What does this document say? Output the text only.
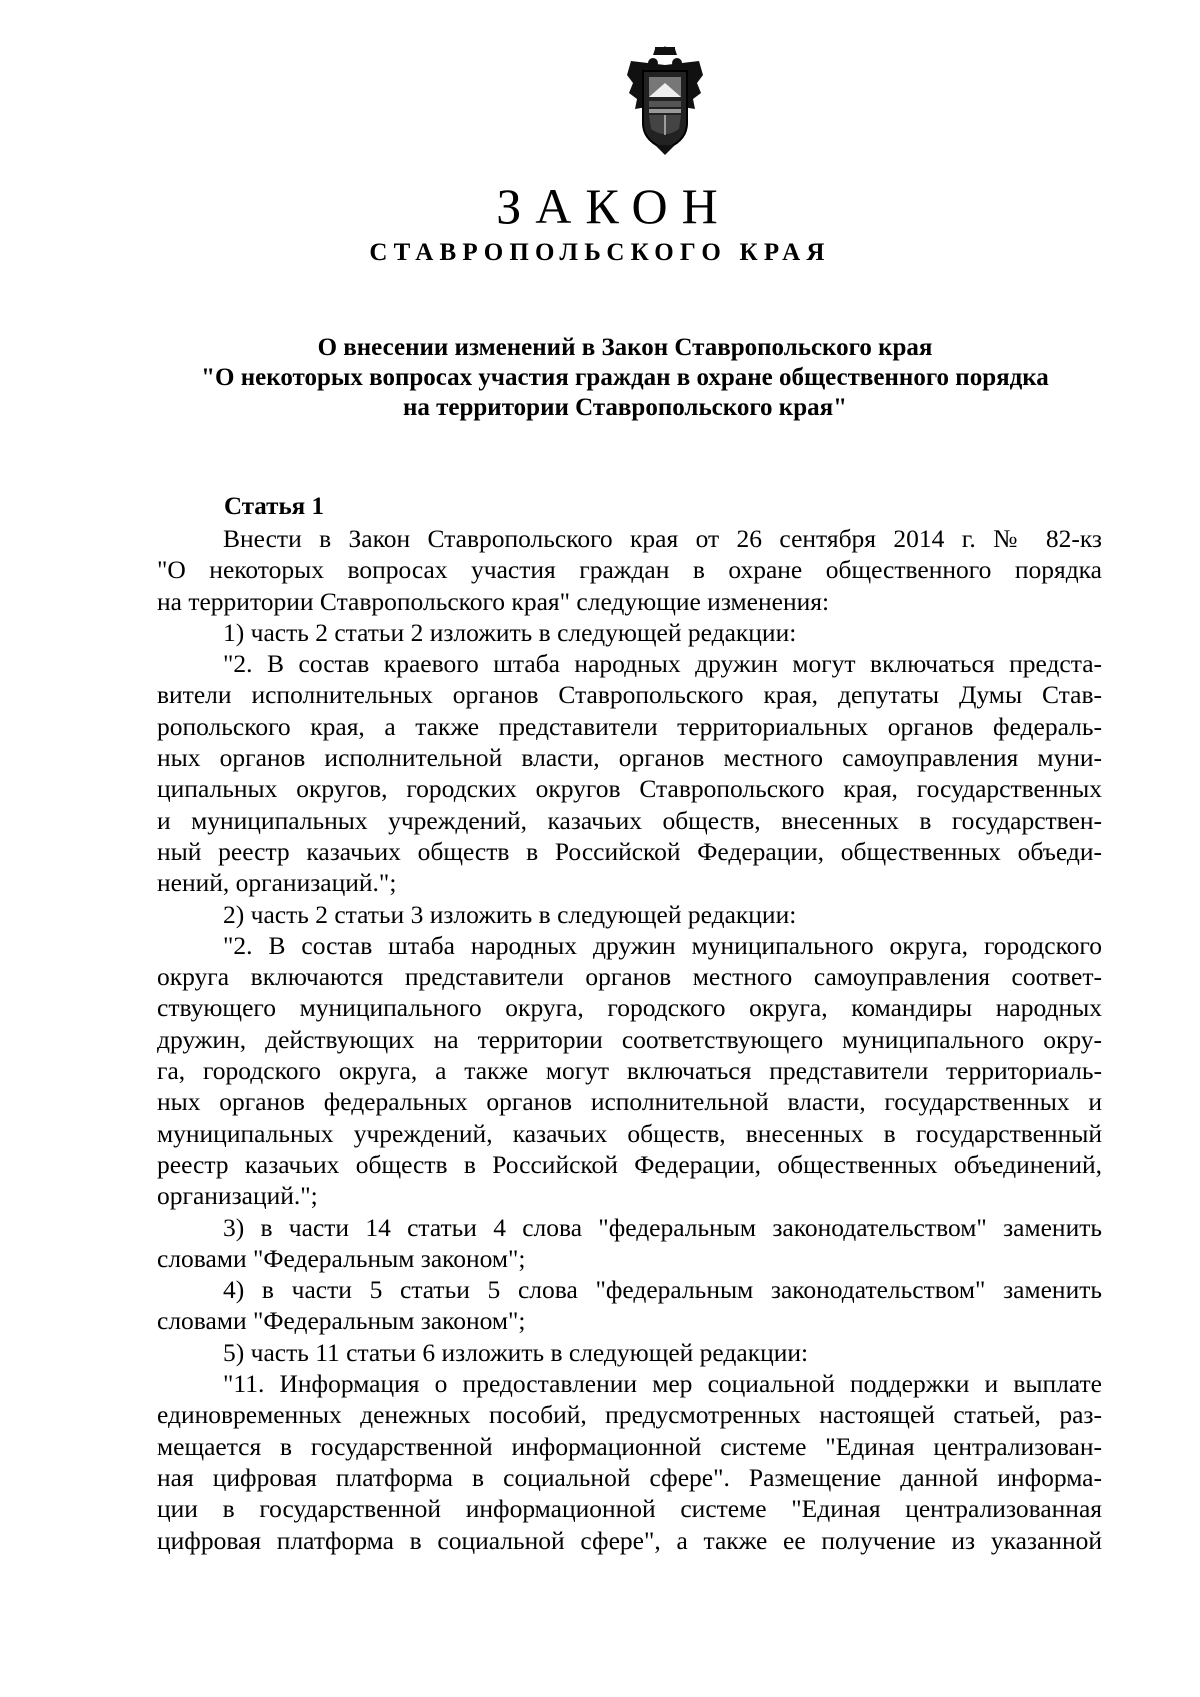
ЗАКОН
СТАВРОПОЛЬСКОГО КРАЯ
О внесении изменений в Закон Ставропольского края
"О некоторых вопросах участия граждан в охране общественного порядка
на территории Ставропольского края"
Статья 1
Внести в Закон Ставропольского края от 26 сентября 2014 г. № 82-кз
"О некоторых вопросах участия граждан в охране общественного порядка
на территории Ставропольского края" следующие изменения:
1) часть 2 статьи 2 изложить в следующей редакции:
"2. В состав краевого штаба народных дружин могут включаться предста-
вители исполнительных органов Ставропольского края, депутаты Думы Став-
ропольского края, а также представители территориальных органов федераль-
ных органов исполнительной власти, органов местного самоуправления муни-
ципальных округов, городских округов Ставропольского края, государственных
и муниципальных учреждений, казачьих обществ, внесенных в государствен-
ный реестр казачьих обществ в Российской Федерации, общественных объеди-
нений, организаций.";
2) часть 2 статьи 3 изложить в следующей редакции:
"2. В состав штаба народных дружин муниципального округа, городского
округа включаются представители органов местного самоуправления соответ-
ствующего муниципального округа, городского округа, командиры народных
дружин, действующих на территории соответствующего муниципального окру-
га, городского округа, а также могут включаться представители территориаль-
ных органов федеральных органов исполнительной власти, государственных и
муниципальных учреждений, казачьих обществ, внесенных в государственный
реестр казачьих обществ в Российской Федерации, общественных объединений,
организаций.";
3) в части 14 статьи 4 слова "федеральным законодательством" заменить
словами "Федеральным законом";
4) в части 5 статьи 5 слова "федеральным законодательством" заменить
словами "Федеральным законом";
5) часть 11 статьи 6 изложить в следующей редакции:
"11. Информация о предоставлении мер социальной поддержки и выплате
единовременных денежных пособий, предусмотренных настоящей статьей, раз-
мещается в государственной информационной системе "Единая централизован-
ная цифровая платформа в социальной сфере". Размещение данной информа-
ции в государственной информационной системе "Единая централизованная
цифровая платформа в социальной сфере", а также ее получение из указанной
